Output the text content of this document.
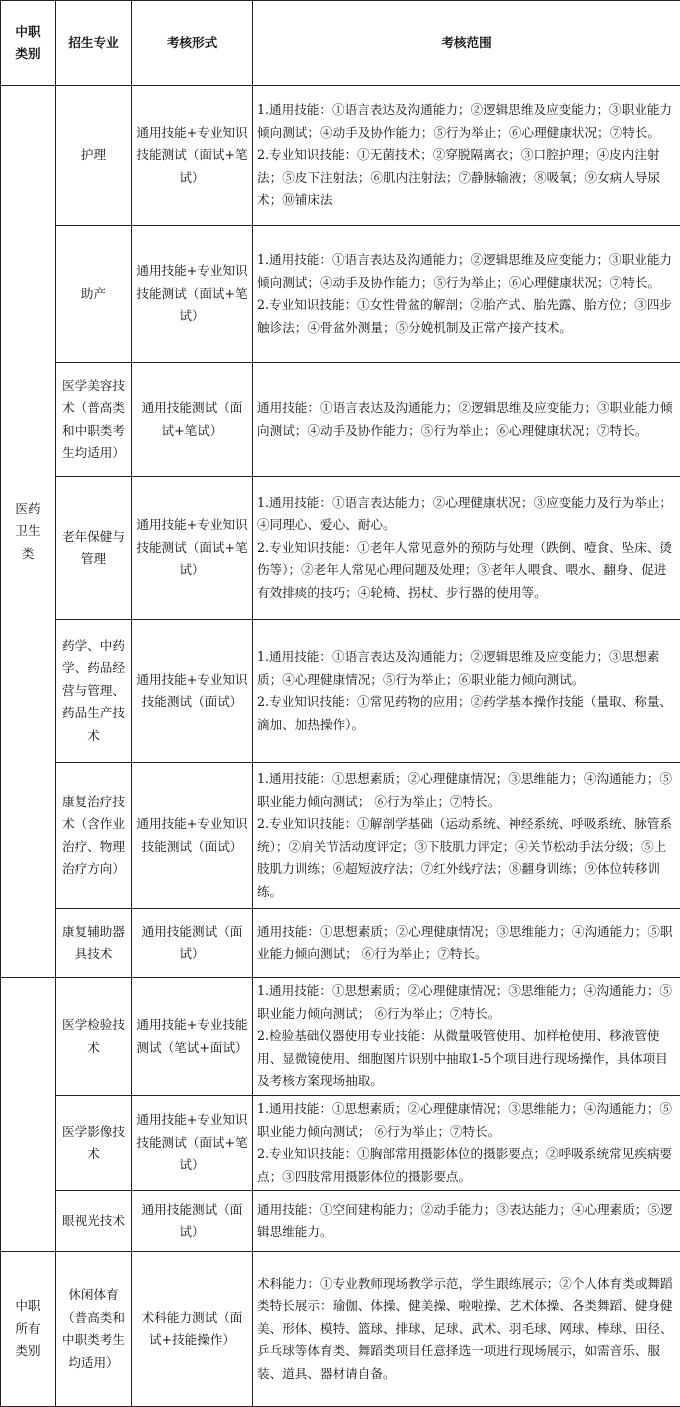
中职类别	招生专业	考核形式	考核范围
医药卫生类	护理	通用技能+专业知识技能测试（面试+笔试）	1.通用技能：①语言表达及沟通能力；②逻辑思维及应变能力；③职业能力倾向测试；④动手及协作能力；⑤行为举止；⑥心理健康状况；⑦特长。
2.专业知识技能：①无菌技术；②穿脱隔离衣；③口腔护理；④皮内注射法；⑤皮下注射法；⑥肌内注射法；⑦静脉输液；⑧吸氧；⑨女病人导尿术；⑩铺床法

	助产	通用技能+专业知识技能测试（面试+笔试）	1.通用技能：①语言表达及沟通能力；②逻辑思维及应变能力；③职业能力倾向测试；④动手及协作能力；⑤行为举止；⑥心理健康状况；⑦特长。
2.专业知识技能：①女性骨盆的解剖；②胎产式、胎先露、胎方位；③四步触诊法；④骨盆外测量；⑤分娩机制及正常产接产技术。

	医学美容技术（普高类和中职类考生均适用）	通用技能测试（面试+笔试）	通用技能：①语言表达及沟通能力；②逻辑思维及应变能力；③职业能力倾向测试；④动手及协作能力；⑤行为举止；⑥心理健康状况；⑦特长。

	老年保健与管理	通用技能+专业知识技能测试（面试+笔试）	1.通用技能：①语言表达能力；②心理健康状况；③应变能力及行为举止；④同理心、爱心、耐心。
2.专业知识技能：①老年人常见意外的预防与处理（跌倒、噎食、坠床、烫伤等）；②老年人常见心理问题及处理；③老年人喂食、喂水、翻身、促进有效排痰的技巧；④轮椅、拐杖、步行器的使用等。

	药学、中药学、药品经营与管理、药品生产技术	通用技能+专业知识技能测试（面试）	1.通用技能：①语言表达及沟通能力；②逻辑思维及应变能力；③思想素质；④心理健康情况；⑤行为举止；⑥职业能力倾向测试。
2.专业知识技能：①常见药物的应用；②药学基本操作技能（量取、称量、滴加、加热操作）。

	康复治疗技术（含作业治疗、物理治疗方向）	通用技能+专业知识技能测试（面试）	1.通用技能：①思想素质；②心理健康情况；③思维能力；④沟通能力；⑤职业能力倾向测试； ⑥行为举止；⑦特长。
2.专业知识技能：①解剖学基础（运动系统、神经系统、呼吸系统、脉管系统）；②肩关节活动度评定；③下肢肌力评定；④关节松动手法分级；⑤上肢肌力训练；⑥超短波疗法；⑦红外线疗法；⑧翻身训练；⑨体位转移训练。

	康复辅助器具技术	通用技能测试（面试）	通用技能：①思想素质；②心理健康情况；③思维能力；④沟通能力；⑤职业能力倾向测试； ⑥行为举止；⑦特长。

	医学检验技术	通用技能+专业技能测试（笔试+面试）	1.通用技能：①思想素质；②心理健康情况；③思维能力；④沟通能力；⑤职业能力倾向测试； ⑥行为举止；⑦特长。
2.检验基础仪器使用专业技能：从微量吸管使用、加样枪使用、移液管使用、显微镜使用、细胞图片识别中抽取1-5个项目进行现场操作，具体项目及考核方案现场抽取。

	医学影像技术	通用技能+专业知识技能测试（面试+笔试）	1.通用技能：①思想素质；②心理健康情况；③思维能力；④沟通能力；⑤职业能力倾向测试； ⑥行为举止；⑦特长。
2.专业知识技能：①胸部常用摄影体位的摄影要点；②呼吸系统常见疾病要点；③四肢常用摄影体位的摄影要点。

	眼视光技术	通用技能测试（面试）	通用技能：①空间建构能力；②动手能力；③表达能力；④心理素质；⑤逻辑思维能力。

中职所有类别	休闲体育（普高类和中职类考生均适用）	术科能力测试（面试+技能操作）	术科能力：①专业教师现场教学示范，学生跟练展示；②个人体育类或舞蹈类特长展示：瑜伽、体操、健美操、啦啦操、艺术体操、各类舞蹈、健身健美、形体、模特、篮球、排球、足球、武术、羽毛球、网球、棒球、田径、乒乓球等体育类、舞蹈类项目任意择选一项进行现场展示，如需音乐、服装、道具、器材请自备。
